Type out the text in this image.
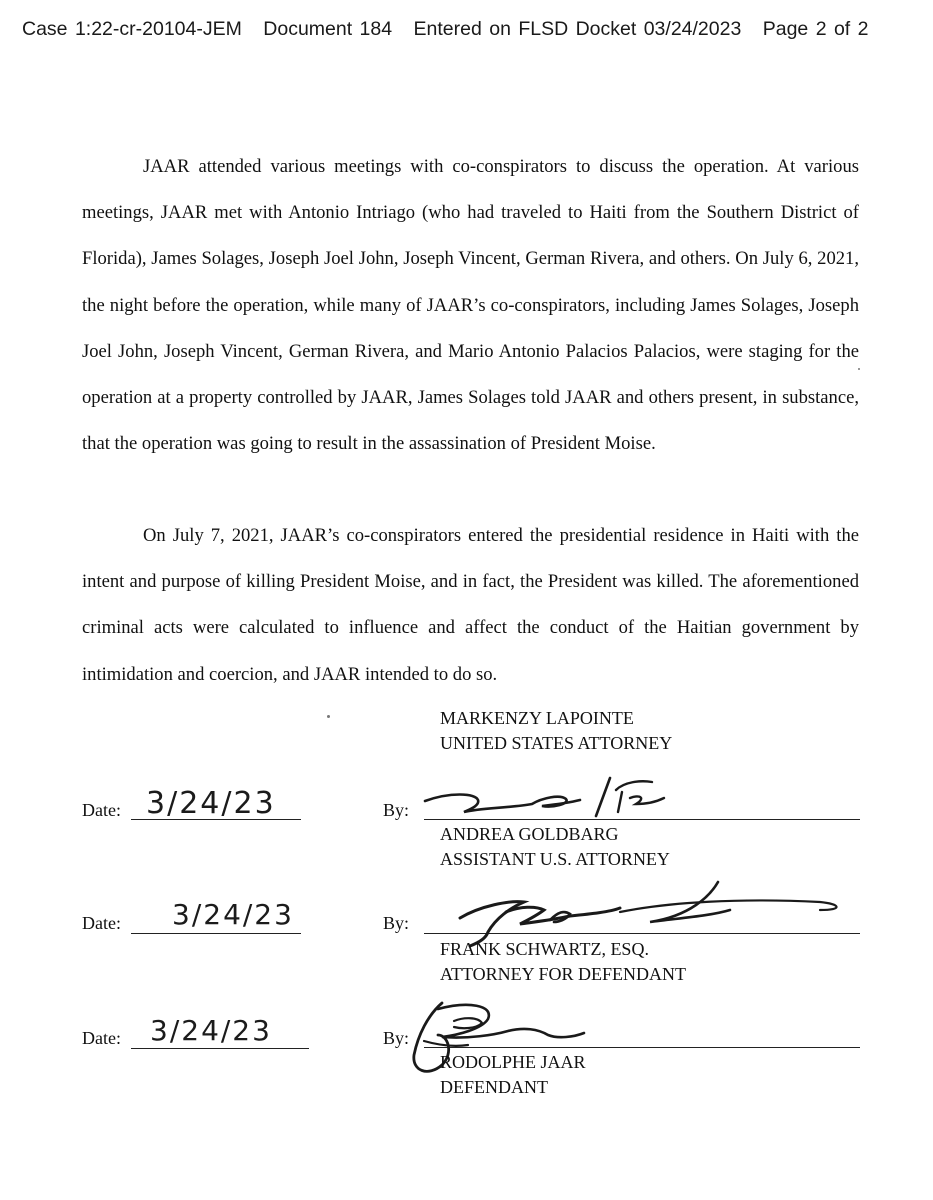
Case 1:22-cr-20104-JEM Document 184 Entered on FLSD Docket 03/24/2023 Page 2 of 2

JAAR attended various meetings with co-conspirators to discuss the operation. At various meetings, JAAR met with Antonio Intriago (who had traveled to Haiti from the Southern District of Florida), James Solages, Joseph Joel John, Joseph Vincent, German Rivera, and others. On July 6, 2021, the night before the operation, while many of JAAR’s co-conspirators, including James Solages, Joseph Joel John, Joseph Vincent, German Rivera, and Mario Antonio Palacios Palacios, were staging for the operation at a property controlled by JAAR, James Solages told JAAR and others present, in substance, that the operation was going to result in the assassination of President Moise.

On July 7, 2021, JAAR’s co-conspirators entered the presidential residence in Haiti with the intent and purpose of killing President Moise, and in fact, the President was killed. The aforementioned criminal acts were calculated to influence and affect the conduct of the Haitian government by intimidation and coercion, and JAAR intended to do so.

MARKENZY LAPOINTE
UNITED STATES ATTORNEY
Date: 3/24/23	By:
ANDREA GOLDBARG
ASSISTANT U.S. ATTORNEY
Date: 3/24/23	By:
FRANK SCHWARTZ, ESQ.
ATTORNEY FOR DEFENDANT
Date: 3/24/23	By:
RODOLPHE JAAR
DEFENDANT
